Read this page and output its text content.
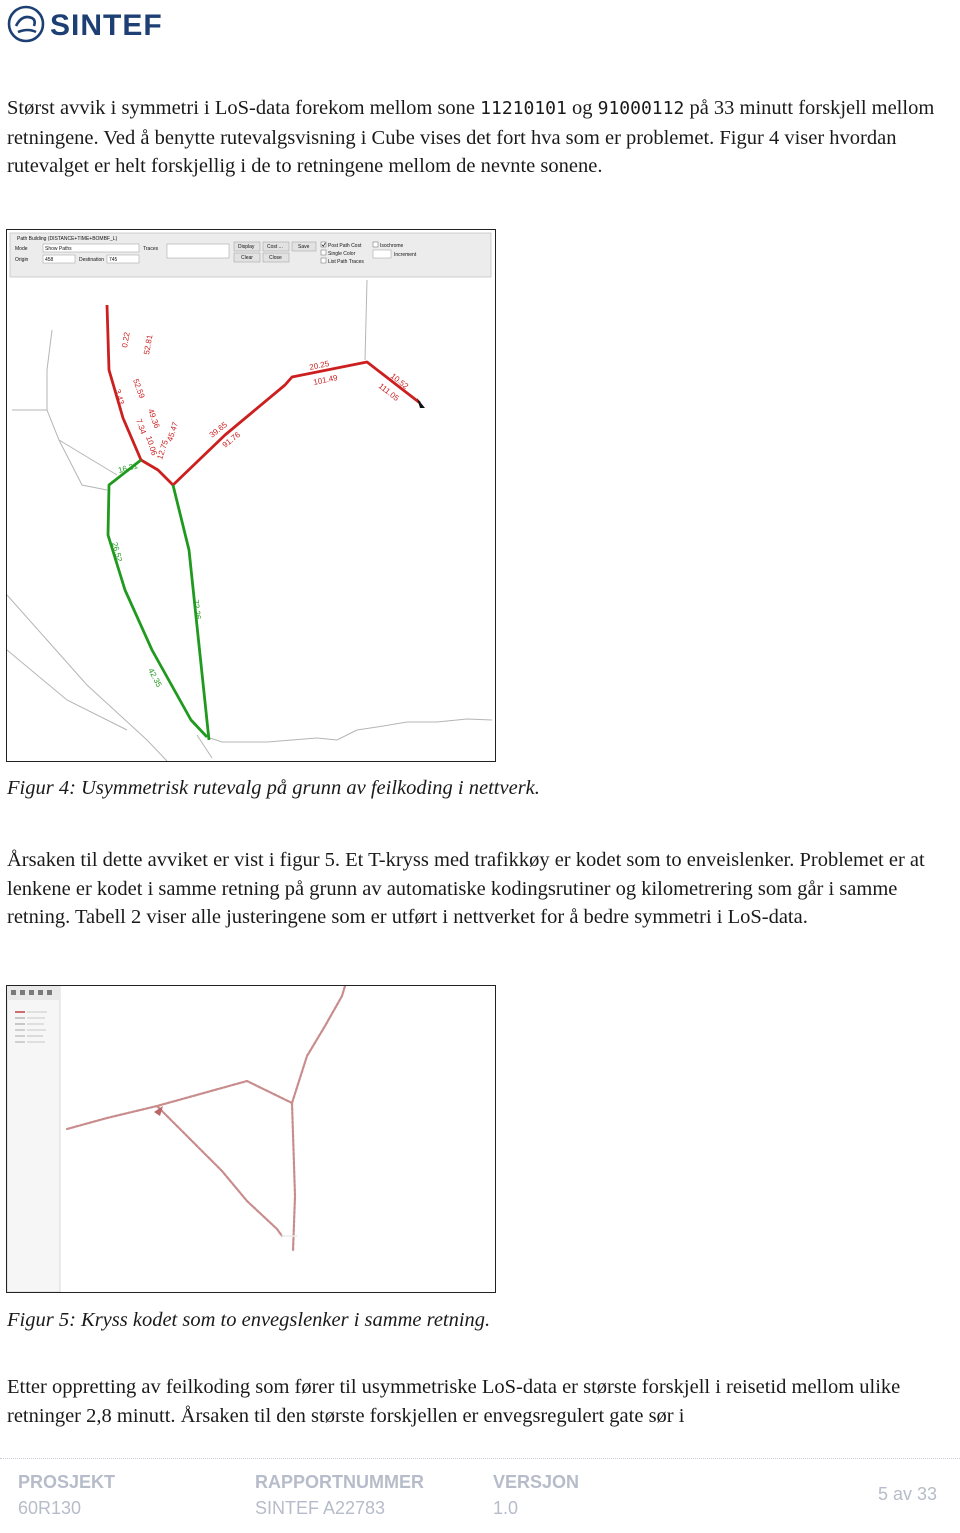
SINTEF

Størst avvik i symmetri i LoS-data forekom mellom sone 11210101 og 91000112 på 33 minutt forskjell mellom retningene. Ved å benytte rutevalgsvisning i Cube vises det fort hva som er problemet. Figur 4 viser hvordan rutevalget er helt forskjellig i de to retningene mellom de nevnte sonene.

Path Building (DISTANCE+TIME+BOMBF_L)
Mode	Show Paths
Origin	458	Destination 745
Traces	Display	Cost ...	Save
Clear	Close
Post Path Cost
Single Color
List Path Traces
Isochrome
Increment
0.22 52.81
3.43 52.59
7.34
49.36
10.06
12.75
45.47	39.65
91.76
20.25
101.49	10.52
111.05
16.31
26.52
72.26
42.35

Figur 4: Usymmetrisk rutevalg på grunn av feilkoding i nettverk.

Årsaken til dette avviket er vist i figur 5. Et T-kryss med trafikkøy er kodet som to enveislenker. Problemet er at lenkene er kodet i samme retning på grunn av automatiske kodingsrutiner og kilometrering som går i samme retning. Tabell 2 viser alle justeringene som er utført i nettverket for å bedre symmetri i LoS-data.

Figur 5: Kryss kodet som to envegslenker i samme retning.

Etter oppretting av feilkoding som fører til usymmetriske LoS-data er største forskjell i reisetid mellom ulike retninger 2,8 minutt. Årsaken til den største forskjellen er envegsregulert gate sør i

PROSJEKT
60R130
RAPPORTNUMMER
SINTEF A22783
VERSJON
1.0
5 av 33
